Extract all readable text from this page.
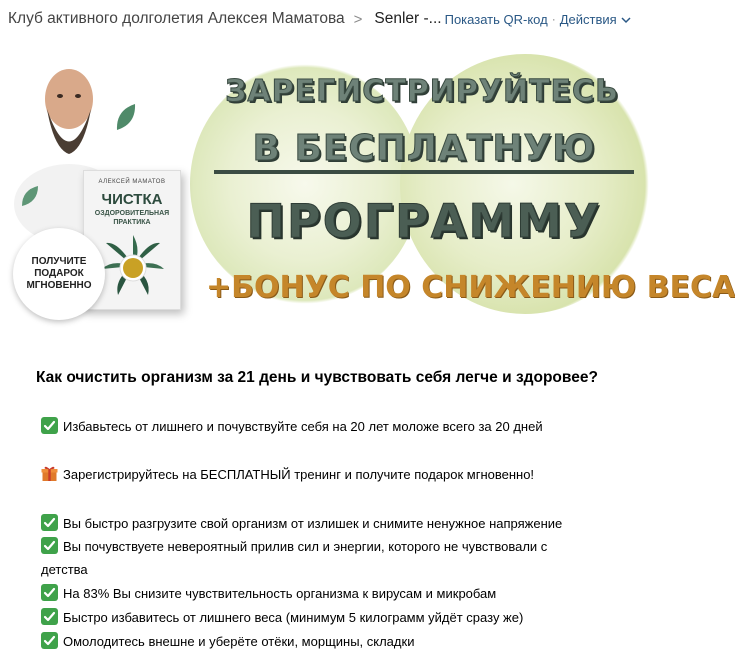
Клуб активного долголетия Алексея Маматова > Senler -... Показать QR-код · Действия
АЛЕКСЕЙ МАМАТОВ
ЧИСТКА
ОЗДОРОВИТЕЛЬНАЯ
ПРАКТИКА
ПОЛУЧИТЕ
ПОДАРОК
МГНОВЕННО
ЗАРЕГИСТРИРУЙТЕСЬ
В БЕСПЛАТНУЮ
ПРОГРАММУ
+БОНУС ПО СНИЖЕНИЮ ВЕСА
Как очистить организм за 21 день и чувствовать себя легче и здоровее?
Избавьтесь от лишнего и почувствуйте себя на 20 лет моложе всего за 20 дней
Зарегистрируйтесь на БЕСПЛАТНЫЙ тренинг и получите подарок мгновенно!
Вы быстро разгрузите свой организм от излишек и снимите ненужное напряжение
Вы почувствуете невероятный прилив сил и энергии, которого не чувствовали с
детства
На 83% Вы снизите чувствительность организма к вирусам и микробам
Быстро избавитесь от лишнего веса (минимум 5 килограмм уйдёт сразу же)
Омолодитесь внешне и уберёте отёки, морщины, складки
